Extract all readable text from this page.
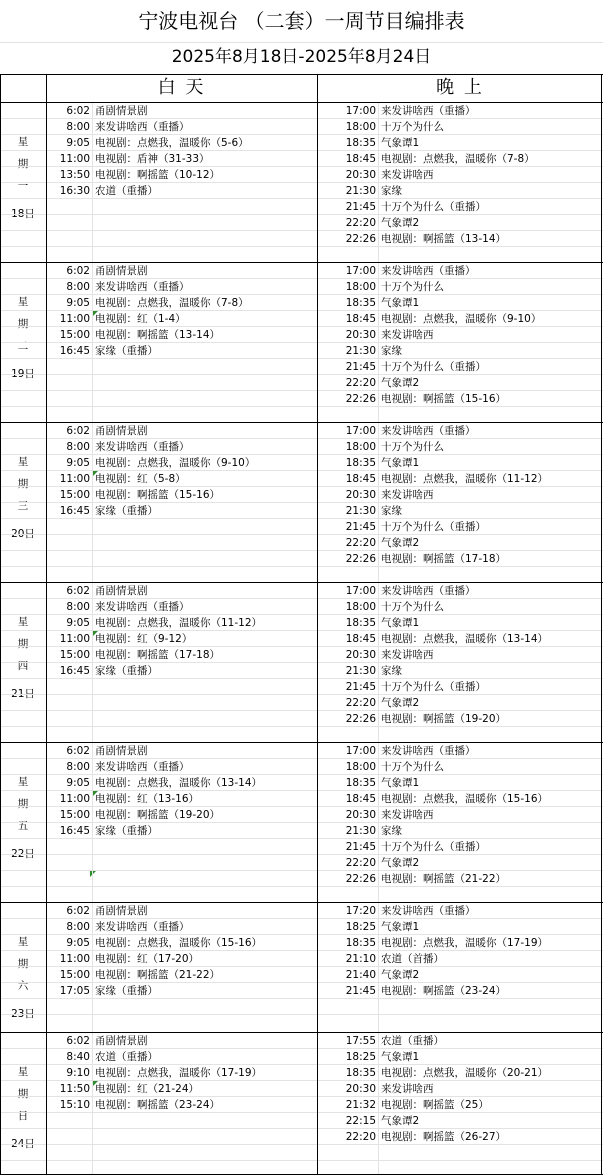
宁波电视台 （二套）一周节目编排表
2025年8月18日-2025年8月24日
白 天	晚 上
星
期
一
18日
6:02 甬剧情景剧
8:00 来发讲啥西（重播）
9:05 电视剧：点燃我，温暖你（5-6）
11:00 电视剧：盾神（31-33）
13:50 电视剧：啊摇篮（10-12）
16:30 农道（重播）
17:00 来发讲啥西（重播）
18:00 十万个为什么
18:35 气象谭1
18:45 电视剧：点燃我，温暖你（7-8）
20:30 来发讲啥西
21:30 家缘
21:45 十万个为什么（重播）
22:20 气象谭2
22:26 电视剧：啊摇篮（13-14）
星
期
二
19日
6:02 甬剧情景剧
8:00 来发讲啥西（重播）
9:05 电视剧：点燃我，温暖你（7-8）
11:00 电视剧：红（1-4）
15:00 电视剧：啊摇篮（13-14）
16:45 家缘（重播）
17:00 来发讲啥西（重播）
18:00 十万个为什么
18:35 气象谭1
18:45 电视剧：点燃我，温暖你（9-10）
20:30 来发讲啥西
21:30 家缘
21:45 十万个为什么（重播）
22:20 气象谭2
22:26 电视剧：啊摇篮（15-16）
星
期
三
20日
6:02 甬剧情景剧
8:00 来发讲啥西（重播）
9:05 电视剧：点燃我，温暖你（9-10）
11:00 电视剧：红（5-8）
15:00 电视剧：啊摇篮（15-16）
16:45 家缘（重播）
17:00 来发讲啥西（重播）
18:00 十万个为什么
18:35 气象谭1
18:45 电视剧：点燃我，温暖你（11-12）
20:30 来发讲啥西
21:30 家缘
21:45 十万个为什么（重播）
22:20 气象谭2
22:26 电视剧：啊摇篮（17-18）
星
期
四
21日
6:02 甬剧情景剧
8:00 来发讲啥西（重播）
9:05 电视剧：点燃我，温暖你（11-12）
11:00 电视剧：红（9-12）
15:00 电视剧：啊摇篮（17-18）
16:45 家缘（重播）
17:00 来发讲啥西（重播）
18:00 十万个为什么
18:35 气象谭1
18:45 电视剧：点燃我，温暖你（13-14）
20:30 来发讲啥西
21:30 家缘
21:45 十万个为什么（重播）
22:20 气象谭2
22:26 电视剧：啊摇篮（19-20）
星
期
五
22日
6:02 甬剧情景剧
8:00 来发讲啥西（重播）
9:05 电视剧：点燃我，温暖你（13-14）
11:00 电视剧：红（13-16）
15:00 电视剧：啊摇篮（19-20）
16:45 家缘（重播）
17:00 来发讲啥西（重播）
18:00 十万个为什么
18:35 气象谭1
18:45 电视剧：点燃我，温暖你（15-16）
20:30 来发讲啥西
21:30 家缘
21:45 十万个为什么（重播）
22:20 气象谭2
22:26 电视剧：啊摇篮（21-22）
星
期
六
23日
6:02 甬剧情景剧
8:00 来发讲啥西（重播）
9:05 电视剧：点燃我，温暖你（15-16）
11:00 电视剧：红（17-20）
15:00 电视剧：啊摇篮（21-22）
17:05 家缘（重播）
17:20 来发讲啥西（重播）
18:25 气象谭1
18:35 电视剧：点燃我，温暖你（17-19）
21:10 农道（首播）
21:40 气象谭2
21:45 电视剧：啊摇篮（23-24）
星
期
日
24日
6:02 甬剧情景剧
8:40 农道（重播）
9:10 电视剧：点燃我，温暖你（17-19）
11:50 电视剧：红（21-24）
15:10 电视剧：啊摇篮（23-24）
17:55 农道（重播）
18:25 气象谭1
18:35 电视剧：点燃我，温暖你（20-21）
20:30 来发讲啥西
21:32 电视剧：啊摇篮（25）
22:15 气象谭2
22:20 电视剧：啊摇篮（26-27）
